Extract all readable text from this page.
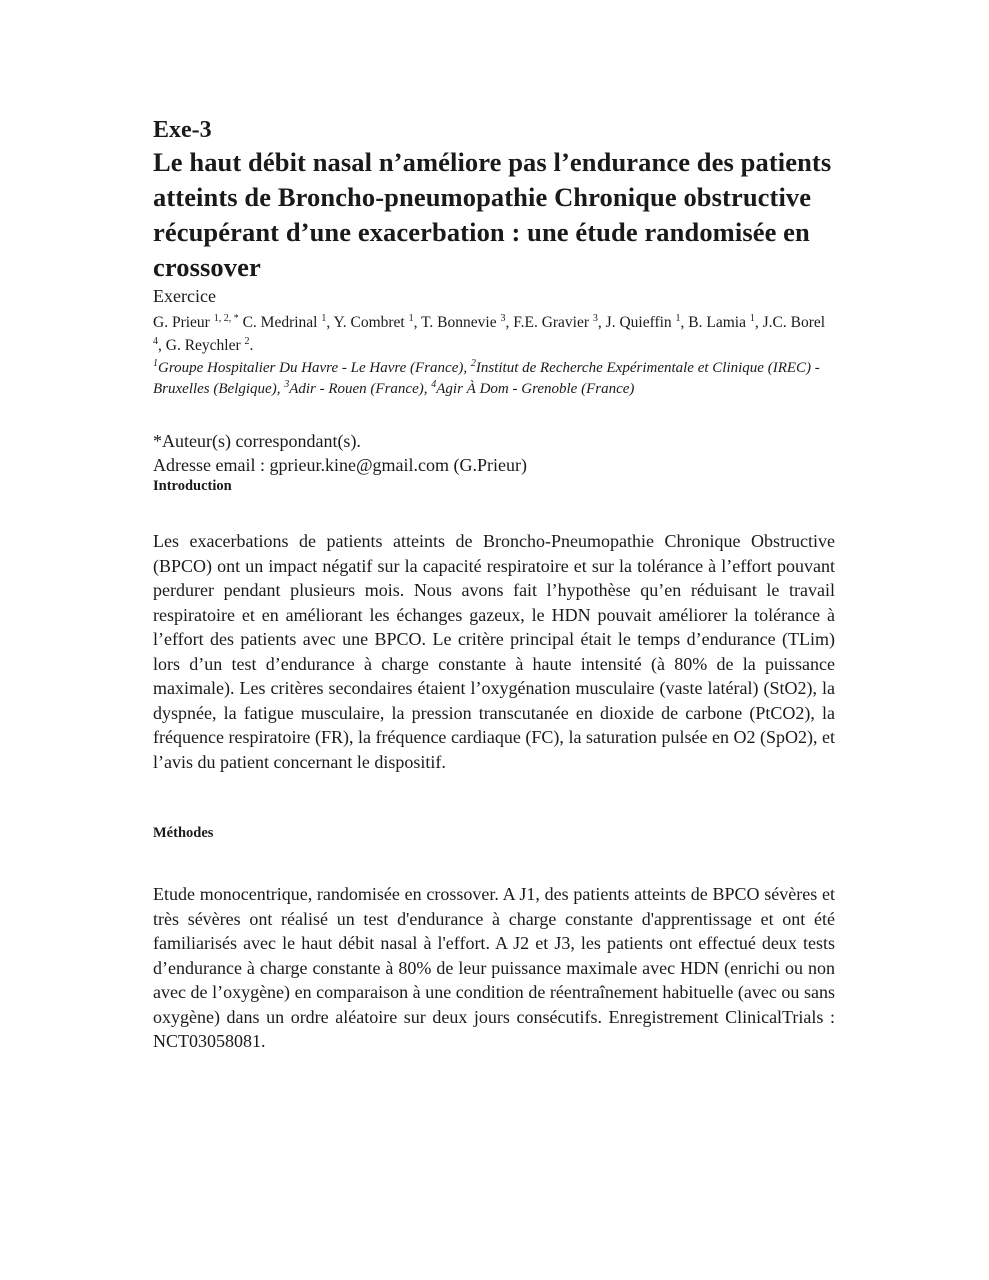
Exe-3

Le haut débit nasal n’améliore pas l’endurance des patients atteints de Broncho-pneumopathie Chronique obstructive récupérant d’une exacerbation : une étude randomisée en crossover

Exercice

G. Prieur $^{1, 2, *}$ C. Medrinal $^1$, Y. Combret $^1$, T. Bonnevie $^3$, F.E. Gravier $^3$, J. Quieffin $^1$, B. Lamia $^1$, J.C. Borel $^4$, G. Reychler $^2$.

$^1$Groupe Hospitalier Du Havre - Le Havre (France), $^2$Institut de Recherche Expérimentale et Clinique (IREC) - Bruxelles (Belgique), $^3$Adir - Rouen (France), $^4$Agir À Dom - Grenoble (France)

*Auteur(s) correspondant(s).
Adresse email : gprieur.kine@gmail.com (G.Prieur)
Introduction

Les exacerbations de patients atteints de Broncho-Pneumopathie Chronique Obstructive (BPCO) ont un impact négatif sur la capacité respiratoire et sur la tolérance à l’effort pouvant perdurer pendant plusieurs mois. Nous avons fait l’hypothèse qu’en réduisant le travail respiratoire et en améliorant les échanges gazeux, le HDN pouvait améliorer la tolérance à l’effort des patients avec une BPCO. Le critère principal était le temps d’endurance (TLim) lors d’un test d’endurance à charge constante à haute intensité (à 80% de la puissance maximale). Les critères secondaires étaient l’oxygénation musculaire (vaste latéral) (StO2), la dyspnée, la fatigue musculaire, la pression transcutanée en dioxide de carbone (PtCO2), la fréquence respiratoire (FR), la fréquence cardiaque (FC), la saturation pulsée en O2 (SpO2), et l’avis du patient concernant le dispositif.

Méthodes

Etude monocentrique, randomisée en crossover. A J1, des patients atteints de BPCO sévères et très sévères ont réalisé un test d'endurance à charge constante d'apprentissage et ont été familiarisés avec le haut débit nasal à l'effort. A J2 et J3, les patients ont effectué deux tests d’endurance à charge constante à 80% de leur puissance maximale avec HDN (enrichi ou non avec de l’oxygène) en comparaison à une condition de réentraînement habituelle (avec ou sans oxygène) dans un ordre aléatoire sur deux jours consécutifs. Enregistrement ClinicalTrials : NCT03058081.
